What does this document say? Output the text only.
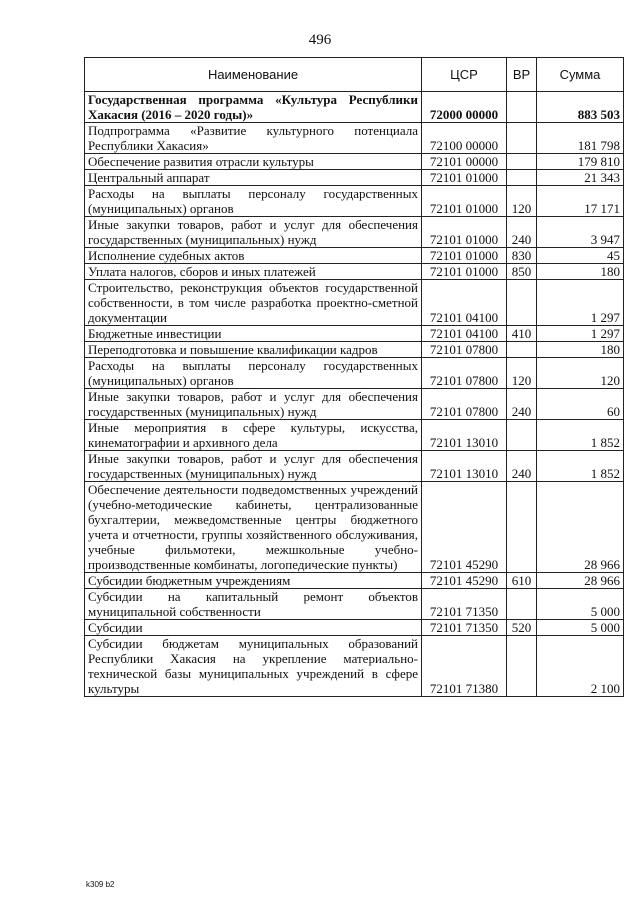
496
Наименование	ЦСР	ВР	Сумма
Государственная программа «Культура Республики Хакасия (2016 – 2020 годы)»	72000 00000		883 503
Подпрограмма «Развитие культурного потенциала Республики Хакасия»	72100 00000		181 798
Обеспечение развития отрасли культуры	72101 00000		179 810
Центральный аппарат	72101 01000		21 343
Расходы на выплаты персоналу государственных (муниципальных) органов	72101 01000	120	17 171
Иные закупки товаров, работ и услуг для обеспечения государственных (муниципальных) нужд	72101 01000	240	3 947
Исполнение судебных актов	72101 01000	830	45
Уплата налогов, сборов и иных платежей	72101 01000	850	180
Строительство, реконструкция объектов государственной собственности, в том числе разработка проектно-сметной документации	72101 04100		1 297
Бюджетные инвестиции	72101 04100	410	1 297
Переподготовка и повышение квалификации кадров	72101 07800		180
Расходы на выплаты персоналу государственных (муниципальных) органов	72101 07800	120	120
Иные закупки товаров, работ и услуг для обеспечения государственных (муниципальных) нужд	72101 07800	240	60
Иные мероприятия в сфере культуры, искусства, кинематографии и архивного дела	72101 13010		1 852
Иные закупки товаров, работ и услуг для обеспечения государственных (муниципальных) нужд	72101 13010	240	1 852
Обеспечение деятельности подведомственных учреждений (учебно-методические кабинеты, централизованные бухгалтерии, межведомственные центры бюджетного учета и отчетности, группы хозяйственного обслуживания, учебные фильмотеки, межшкольные учебно-производственные комбинаты, логопедические пункты)	72101 45290		28 966
Субсидии бюджетным учреждениям	72101 45290	610	28 966
Субсидии на капитальный ремонт объектов муниципальной собственности	72101 71350		5 000
Субсидии	72101 71350	520	5 000
Субсидии бюджетам муниципальных образований Республики Хакасия на укрепление материально-технической базы муниципальных учреждений в сфере культуры	72101 71380		2 100
k309 b2
